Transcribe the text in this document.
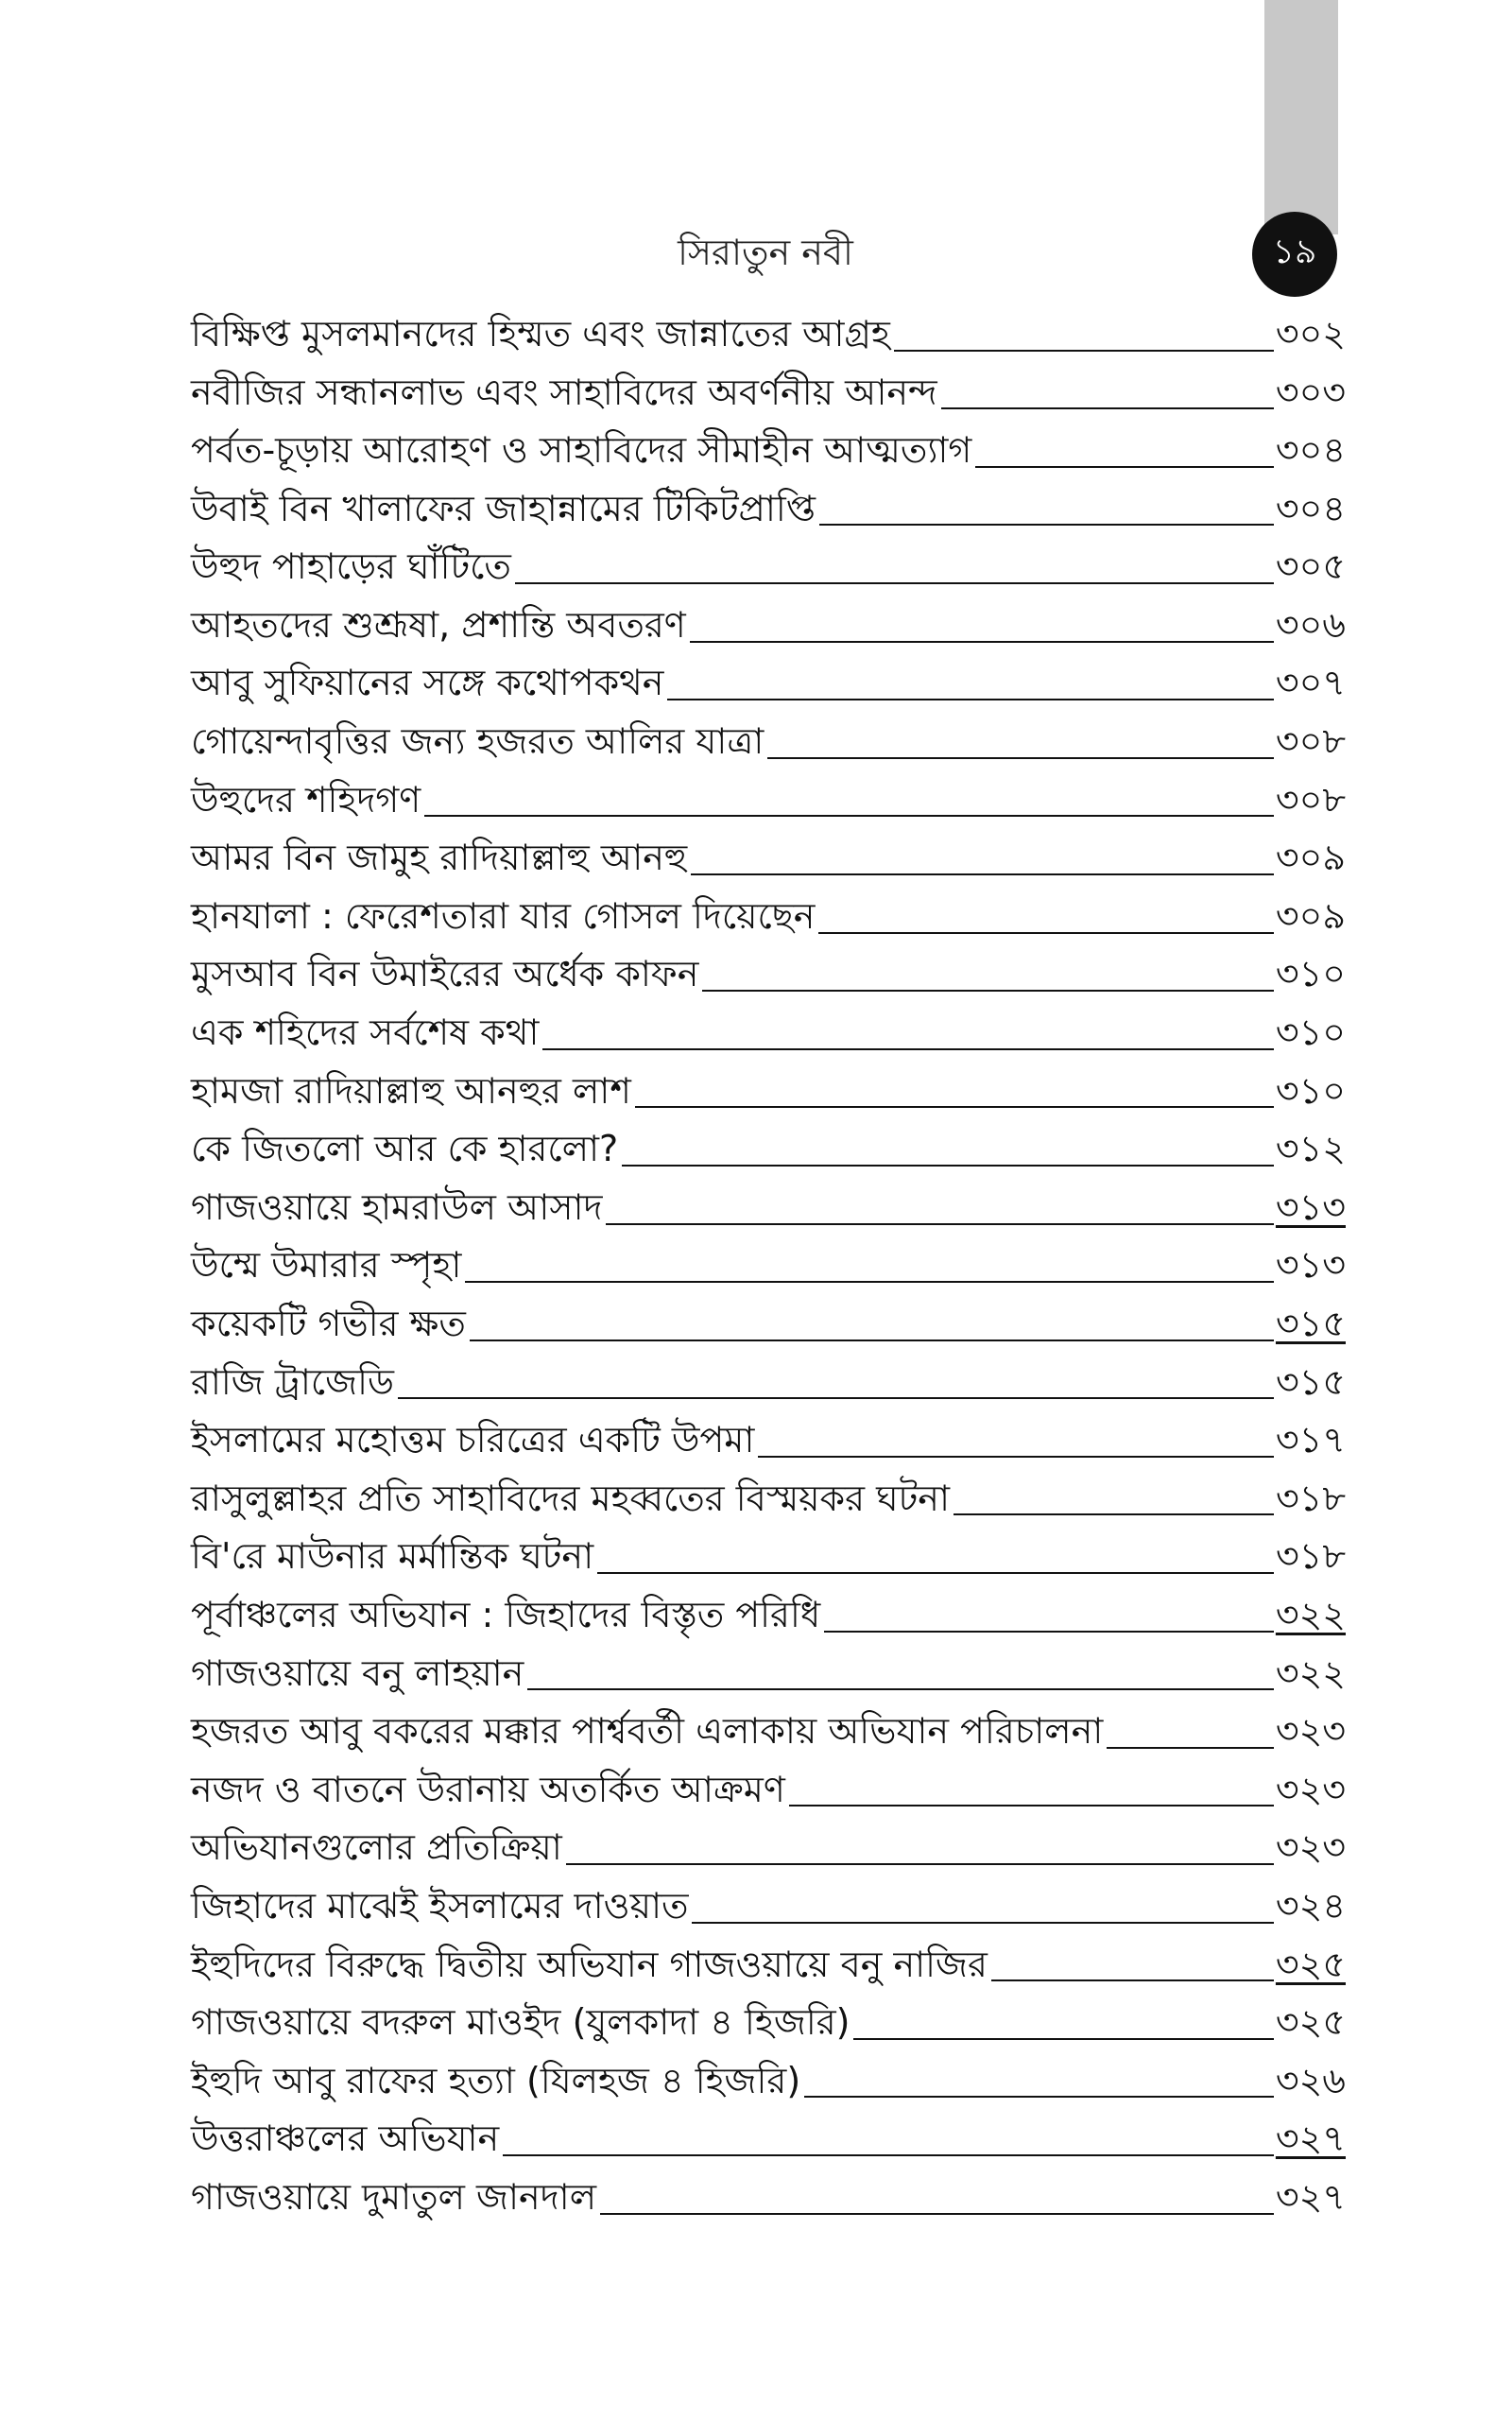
সিরাতুন নবী	১৯
বিক্ষিপ্ত মুসলমানদের হিম্মত এবং জান্নাতের আগ্রহ	৩০২
নবীজির সন্ধানলাভ এবং সাহাবিদের অবর্ণনীয় আনন্দ	৩০৩
পর্বত-চূড়ায় আরোহণ ও সাহাবিদের সীমাহীন আত্মত্যাগ	৩০৪
উবাই বিন খালাফের জাহান্নামের টিকিটপ্রাপ্তি	৩০৪
উহুদ পাহাড়ের ঘাঁটিতে	৩০৫
আহতদের শুশ্রূষা, প্রশান্তি অবতরণ	৩০৬
আবু সুফিয়ানের সঙ্গে কথোপকথন	৩০৭
গোয়েন্দাবৃত্তির জন্য হজরত আলির যাত্রা	৩০৮
উহুদের শহিদগণ	৩০৮
আমর বিন জামুহ রাদিয়াল্লাহু আনহু	৩০৯
হানযালা : ফেরেশতারা যার গোসল দিয়েছেন	৩০৯
মুসআব বিন উমাইরের অর্ধেক কাফন	৩১০
এক শহিদের সর্বশেষ কথা	৩১০
হামজা রাদিয়াল্লাহু আনহুর লাশ	৩১০
কে জিতলো আর কে হারলো?	৩১২
গাজওয়ায়ে হামরাউল আসাদ	৩১৩
উম্মে উমারার স্পৃহা	৩১৩
কয়েকটি গভীর ক্ষত	৩১৫
রাজি ট্রাজেডি	৩১৫
ইসলামের মহোত্তম চরিত্রের একটি উপমা	৩১৭
রাসুলুল্লাহর প্রতি সাহাবিদের মহব্বতের বিস্ময়কর ঘটনা	৩১৮
বি'রে মাউনার মর্মান্তিক ঘটনা	৩১৮
পূর্বাঞ্চলের অভিযান : জিহাদের বিস্তৃত পরিধি	৩২২
গাজওয়ায়ে বনু লাহয়ান	৩২২
হজরত আবু বকরের মক্কার পার্শ্ববর্তী এলাকায় অভিযান পরিচালনা	৩২৩
নজদ ও বাতনে উরানায় অতর্কিত আক্রমণ	৩২৩
অভিযানগুলোর প্রতিক্রিয়া	৩২৩
জিহাদের মাঝেই ইসলামের দাওয়াত	৩২৪
ইহুদিদের বিরুদ্ধে দ্বিতীয় অভিযান গাজওয়ায়ে বনু নাজির	৩২৫
গাজওয়ায়ে বদরুল মাওইদ (যুলকাদা ৪ হিজরি)	৩২৫
ইহুদি আবু রাফের হত্যা (যিলহজ ৪ হিজরি)	৩২৬
উত্তরাঞ্চলের অভিযান	৩২৭
গাজওয়ায়ে দুমাতুল জানদাল	৩২৭
